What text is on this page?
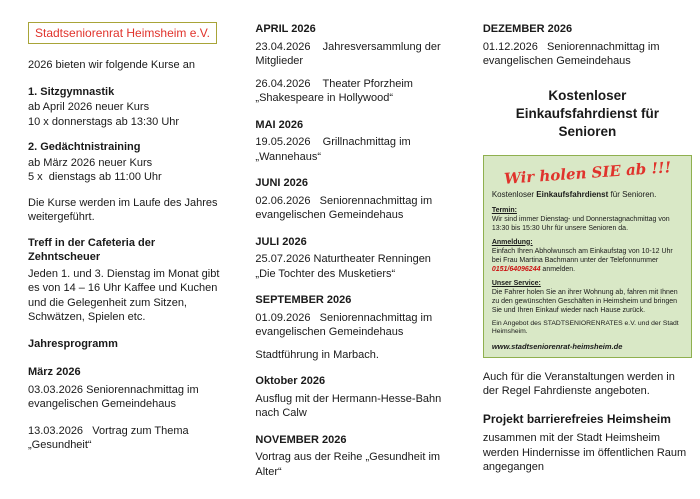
Stadtseniorenrat Heimsheim e.V.

2026 bieten wir folgende Kurse an

1. Sitzgymnastik

ab April 2026 neuer Kurs

10 x donnerstags ab 13:30 Uhr

2. Gedächtnistraining

ab März 2026 neuer Kurs

5 x  dienstags ab 11:00 Uhr

Die Kurse werden im Laufe des Jahres weitergeführt.

Treff in der Cafeteria der Zehntscheuer

Jeden 1. und 3. Dienstag im Monat gibt es von 14 – 16 Uhr Kaffee und Kuchen und die Gelegenheit zum Sitzen, Schwätzen, Spielen etc.

Jahresprogramm

März 2026

03.03.2026 Seniorennachmittag im evangelischen Gemeindehaus

13.03.2026   Vortrag zum Thema „Gesundheit“

APRIL 2026

23.04.2026    Jahresversammlung der Mitglieder

26.04.2026    Theater Pforzheim „Shakespeare in Hollywood“

MAI 2026

19.05.2026    Grillnachmittag im „Wannehaus“

JUNI 2026

02.06.2026   Seniorennachmittag im evangelischen Gemeindehaus

JULI 2026

25.07.2026 Naturtheater Renningen „Die Tochter des Musketiers“

SEPTEMBER 2026

01.09.2026   Seniorennachmittag im evangelischen Gemeindehaus

Stadtführung in Marbach.

Oktober 2026

Ausflug mit der Hermann-Hesse-Bahn nach Calw

NOVEMBER 2026

Vortrag aus der Reihe „Gesundheit im Alter“

DEZEMBER 2026

01.12.2026   Seniorennachmittag im evangelischen Gemeindehaus

Kostenloser Einkaufsfahrdienst für Senioren

Wir holen SIE ab !!!

Kostenloser Einkaufsfahrdienst für Senioren.

Termin:

Wir sind immer Dienstag- und Donnerstagnachmittag von 13:30 bis 15:30 Uhr für unsere Senioren da.

Anmeldung:

Einfach Ihren Abholwunsch am Einkaufstag von 10-12 Uhr bei Frau Martina Bachmann unter der Telefonnummer 0151/64096244 anmelden.

Unser Service:

Die Fahrer holen Sie an ihrer Wohnung ab, fahren mit Ihnen zu den gewünschten Geschäften in Heimsheim und bringen Sie und Ihren Einkauf wieder nach Hause zurück.

Ein Angebot des STADTSENIORENRATES e.V. und der Stadt Heimsheim.

www.stadtseniorenrat-heimsheim.de

Auch für die Veranstaltungen werden in der Regel Fahrdienste angeboten.

Projekt barrierefreies Heimsheim

zusammen mit der Stadt Heimsheim werden Hindernisse im öffentlichen Raum angegangen
